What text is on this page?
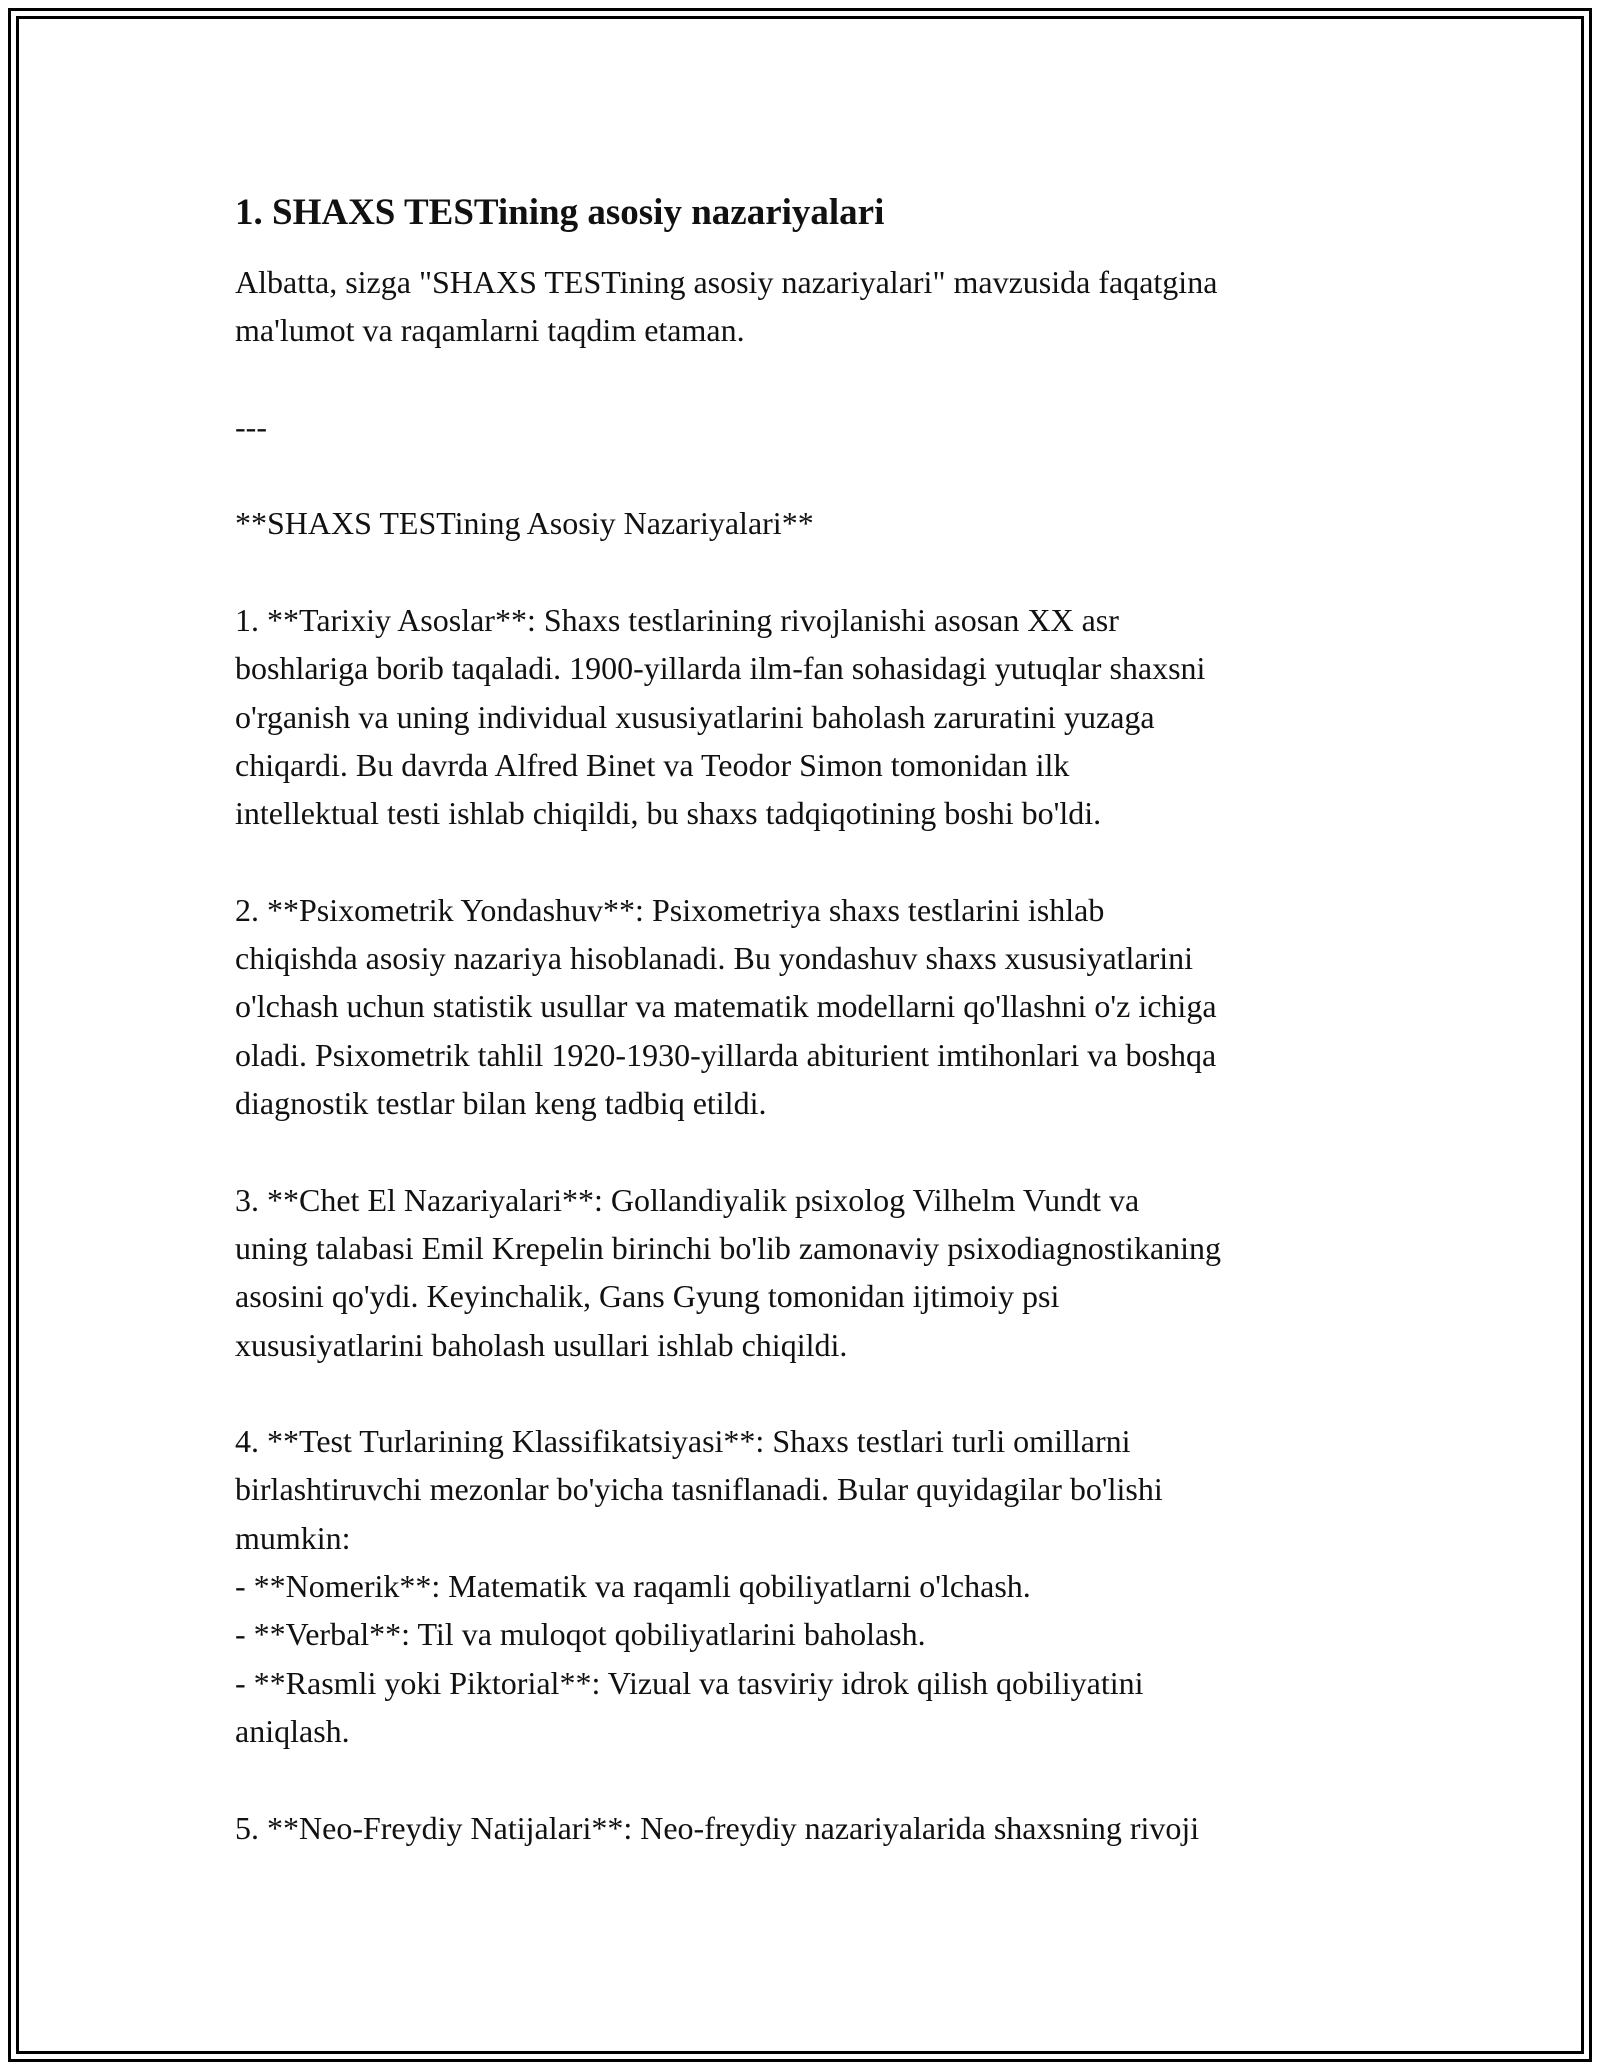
1. SHAXS TESTining asosiy nazariyalari

Albatta, sizga "SHAXS TESTining asosiy nazariyalari" mavzusida faqatgina
ma'lumot va raqamlarni taqdim etaman.

---

**SHAXS TESTining Asosiy Nazariyalari**

1. **Tarixiy Asoslar**: Shaxs testlarining rivojlanishi asosan XX asr
boshlariga borib taqaladi. 1900-yillarda ilm-fan sohasidagi yutuqlar shaxsni
o'rganish va uning individual xususiyatlarini baholash zaruratini yuzaga
chiqardi. Bu davrda Alfred Binet va Teodor Simon tomonidan ilk
intellektual testi ishlab chiqildi, bu shaxs tadqiqotining boshi bo'ldi.

2. **Psixometrik Yondashuv**: Psixometriya shaxs testlarini ishlab
chiqishda asosiy nazariya hisoblanadi. Bu yondashuv shaxs xususiyatlarini
o'lchash uchun statistik usullar va matematik modellarni qo'llashni o'z ichiga
oladi. Psixometrik tahlil 1920-1930-yillarda abiturient imtihonlari va boshqa
diagnostik testlar bilan keng tadbiq etildi.

3. **Chet El Nazariyalari**: Gollandiyalik psixolog Vilhelm Vundt va
uning talabasi Emil Krepelin birinchi bo'lib zamonaviy psixodiagnostikaning
asosini qo'ydi. Keyinchalik, Gans Gyung tomonidan ijtimoiy psi
xususiyatlarini baholash usullari ishlab chiqildi.

4. **Test Turlarining Klassifikatsiyasi**: Shaxs testlari turli omillarni
birlashtiruvchi mezonlar bo'yicha tasniflanadi. Bular quyidagilar bo'lishi
mumkin:
- **Nomerik**: Matematik va raqamli qobiliyatlarni o'lchash.
- **Verbal**: Til va muloqot qobiliyatlarini baholash.
- **Rasmli yoki Piktorial**: Vizual va tasviriy idrok qilish qobiliyatini
aniqlash.

5. **Neo-Freydiy Natijalari**: Neo-freydiy nazariyalarida shaxsning rivoji
